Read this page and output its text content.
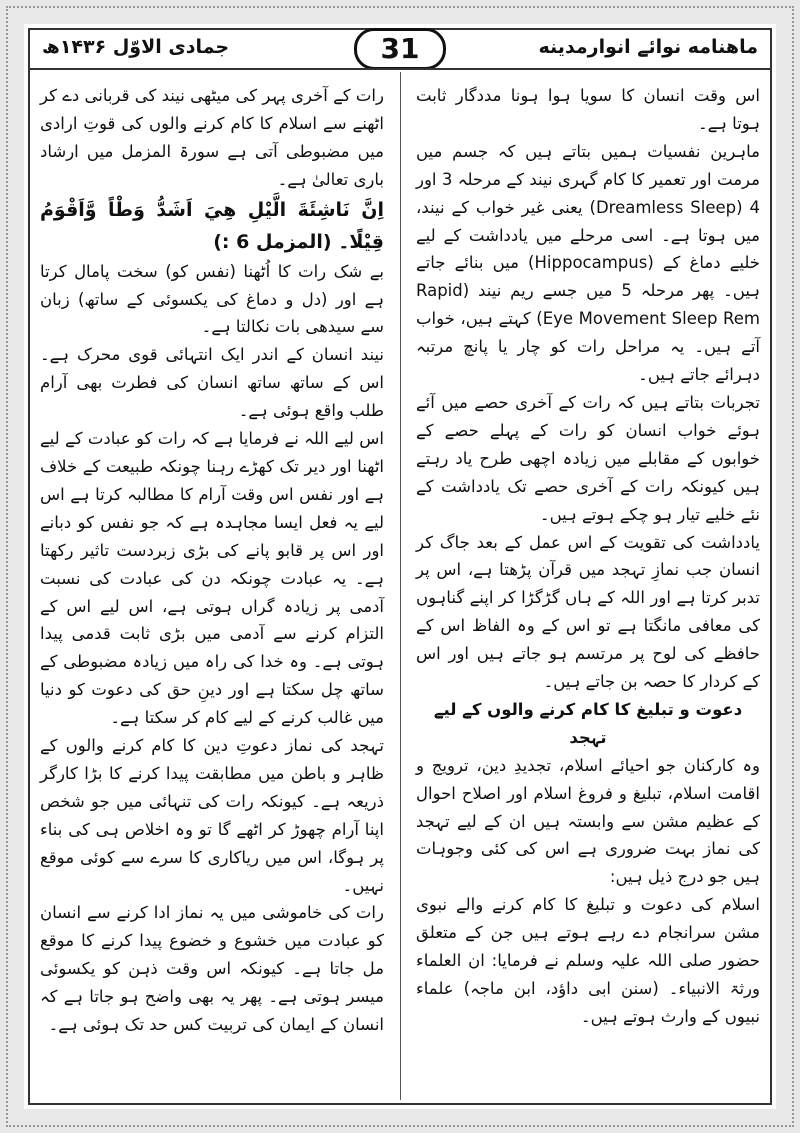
ماهنامه نوائے انوارمدینه
31
جمادی الاوّل ۱۴۳۶ھ

اس وقت انسان کا سویا ہوا ہونا مددگار ثابت ہوتا ہے۔

ماہرین نفسیات ہمیں بتاتے ہیں کہ جسم میں مرمت اور تعمیر کا کام گہری نیند کے مرحلہ 3 اور 4 (Dreamless Sleep) یعنی غیر خواب کے نیند، میں ہوتا ہے۔ اسی مرحلے میں یادداشت کے لیے خلیے دماغ کے (Hippocampus) میں بنائے جاتے ہیں۔ پھر مرحلہ 5 میں جسے ریم نیند (Rapid Eye Movement Sleep Rem) کہتے ہیں، خواب آتے ہیں۔ یہ مراحل رات کو چار یا پانچ مرتبہ دہرائے جاتے ہیں۔

تجربات بتاتے ہیں کہ رات کے آخری حصے میں آئے ہوئے خواب انسان کو رات کے پہلے حصے کے خوابوں کے مقابلے میں زیادہ اچھی طرح یاد رہتے ہیں کیونکہ رات کے آخری حصے تک یادداشت کے نئے خلیے تیار ہو چکے ہوتے ہیں۔

یادداشت کی تقویت کے اس عمل کے بعد جاگ کر انسان جب نمازِ تہجد میں قرآن پڑھتا ہے، اس پر تدبر کرتا ہے اور اللہ کے ہاں گڑگڑا کر اپنے گناہوں کی معافی مانگتا ہے تو اس کے وہ الفاظ اس کے حافظے کی لوح پر مرتسم ہو جاتے ہیں اور اس کے کردار کا حصہ بن جاتے ہیں۔

دعوت و تبلیغ کا کام کرنے والوں کے لیے تہجد

وہ کارکنان جو احیائے اسلام، تجدیدِ دین، ترویج و اقامت اسلام، تبلیغ و فروغ اسلام اور اصلاح احوال کے عظیم مشن سے وابستہ ہیں ان کے لیے تہجد کی نماز بہت ضروری ہے اس کی کئی وجوہات ہیں جو درج ذیل ہیں:

اسلام کی دعوت و تبلیغ کا کام کرنے والے نبوی مشن سرانجام دے رہے ہوتے ہیں جن کے متعلق حضور صلی اللہ علیہ وسلم نے فرمایا: ان العلماء ورثۃ الانبیاء۔ (سنن ابی داؤد، ابن ماجہ) علماء نبیوں کے وارث ہوتے ہیں۔

رات کے آخری پہر کی میٹھی نیند کی قربانی دے کر اٹھنے سے اسلام کا کام کرنے والوں کی قوتِ ارادی میں مضبوطی آتی ہے سورۃ المزمل میں ارشاد باری تعالیٰ ہے۔

اِنَّ نَاشِئَةَ الَّيْلِ هِيَ اَشَدُّ وَطْاً وَّاَقْوَمُ قِيْلًا۔ (المزمل 6 :)

بے شک رات کا اُٹھنا (نفس کو) سخت پامال کرتا ہے اور (دل و دماغ کی یکسوئی کے ساتھ) زبان سے سیدھی بات نکالتا ہے۔

نیند انسان کے اندر ایک انتہائی قوی محرک ہے۔ اس کے ساتھ ساتھ انسان کی فطرت بھی آرام طلب واقع ہوئی ہے۔

اس لیے اللہ نے فرمایا ہے کہ رات کو عبادت کے لیے اٹھنا اور دیر تک کھڑے رہنا چونکہ طبیعت کے خلاف ہے اور نفس اس وقت آرام کا مطالبہ کرتا ہے اس لیے یہ فعل ایسا مجاہدہ ہے کہ جو نفس کو دبانے اور اس پر قابو پانے کی بڑی زبردست تاثیر رکھتا ہے۔ یہ عبادت چونکہ دن کی عبادت کی نسبت آدمی پر زیادہ گراں ہوتی ہے، اس لیے اس کے التزام کرنے سے آدمی میں بڑی ثابت قدمی پیدا ہوتی ہے۔ وہ خدا کی راہ میں زیادہ مضبوطی کے ساتھ چل سکتا ہے اور دینِ حق کی دعوت کو دنیا میں غالب کرنے کے لیے کام کر سکتا ہے۔

تہجد کی نماز دعوتِ دین کا کام کرنے والوں کے ظاہر و باطن میں مطابقت پیدا کرنے کا بڑا کارگر ذریعہ ہے۔ کیونکہ رات کی تنہائی میں جو شخص اپنا آرام چھوڑ کر اٹھے گا تو وہ اخلاص ہی کی بناء پر ہوگا، اس میں ریاکاری کا سرے سے کوئی موقع نہیں۔

رات کی خاموشی میں یہ نماز ادا کرنے سے انسان کو عبادت میں خشوع و خضوع پیدا کرنے کا موقع مل جاتا ہے۔ کیونکہ اس وقت ذہن کو یکسوئی میسر ہوتی ہے۔ پھر یہ بھی واضح ہو جاتا ہے کہ انسان کے ایمان کی تربیت کس حد تک ہوئی ہے۔
